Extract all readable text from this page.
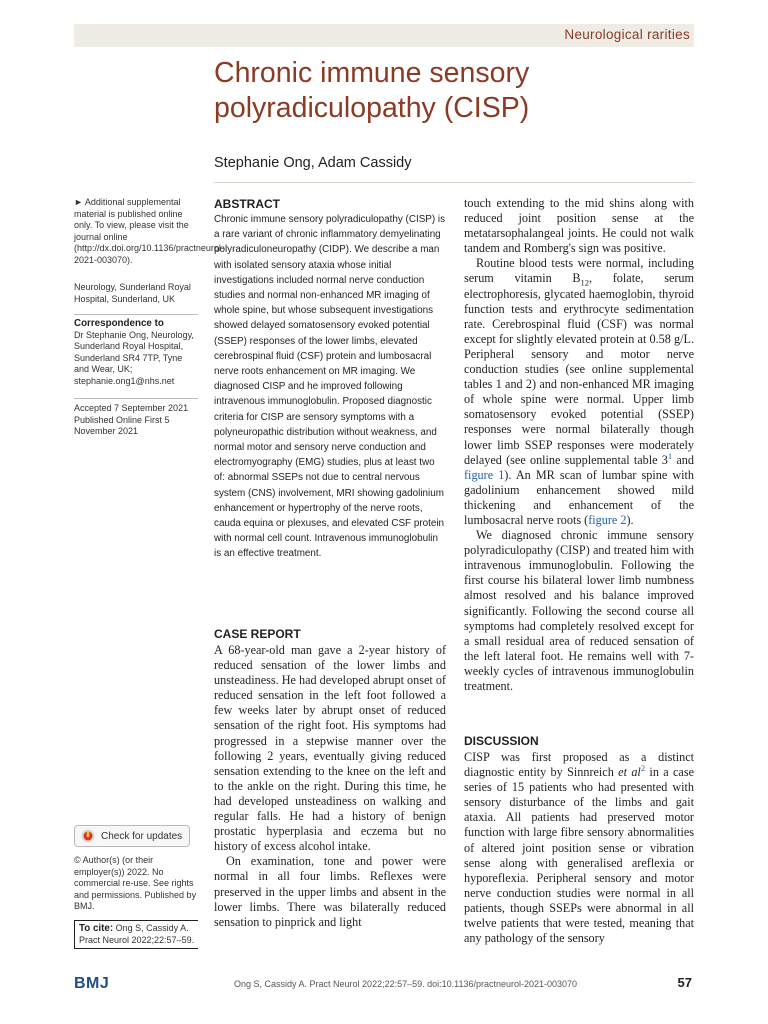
Neurological rarities
Chronic immune sensory polyradiculopathy (CISP)
Stephanie Ong, Adam Cassidy

► Additional supplemental material is published online only. To view, please visit the journal online (http://dx.doi.org/10.1136/practneurol-2021-003070).

Neurology, Sunderland Royal Hospital, Sunderland, UK

Correspondence to
Dr Stephanie Ong, Neurology, Sunderland Royal Hospital, Sunderland SR4 7TP, Tyne and Wear, UK; stephanie.ong1@nhs.net
Accepted 7 September 2021
Published Online First 5 November 2021
Check for updates

© Author(s) (or their employer(s)) 2022. No commercial re-use. See rights and permissions. Published by BMJ.

To cite: Ong S, Cassidy A. Pract Neurol 2022;22:57–59.
ABSTRACT

Chronic immune sensory polyradiculopathy (CISP) is a rare variant of chronic inflammatory demyelinating polyradiculoneuropathy (CIDP). We describe a man with isolated sensory ataxia whose initial investigations included normal nerve conduction studies and normal non-enhanced MR imaging of whole spine, but whose subsequent investigations showed delayed somatosensory evoked potential (SSEP) responses of the lower limbs, elevated cerebrospinal fluid (CSF) protein and lumbosacral nerve roots enhancement on MR imaging. We diagnosed CISP and he improved following intravenous immunoglobulin. Proposed diagnostic criteria for CISP are sensory symptoms with a polyneuropathic distribution without weakness, and normal motor and sensory nerve conduction and electromyography (EMG) studies, plus at least two of: abnormal SSEPs not due to central nervous system (CNS) involvement, MRI showing gadolinium enhancement or hypertrophy of the nerve roots, cauda equina or plexuses, and elevated CSF protein with normal cell count. Intravenous immunoglobulin is an effective treatment.

CASE REPORT

A 68-year-old man gave a 2-year history of reduced sensation of the lower limbs and unsteadiness. He had developed abrupt onset of reduced sensation in the left foot followed a few weeks later by abrupt onset of reduced sensation of the right foot. His symptoms had progressed in a stepwise manner over the following 2 years, eventually giving reduced sensation extending to the knee on the left and to the ankle on the right. During this time, he had developed unsteadiness on walking and regular falls. He had a history of benign prostatic hyperplasia and eczema but no history of excess alcohol intake.

On examination, tone and power were normal in all four limbs. Reflexes were preserved in the upper limbs and absent in the lower limbs. There was bilaterally reduced sensation to pinprick and light

touch extending to the mid shins along with reduced joint position sense at the metatarsophalangeal joints. He could not walk tandem and Romberg's sign was positive.

Routine blood tests were normal, including serum vitamin $B_{12}$, folate, serum electrophoresis, glycated haemoglobin, thyroid function tests and erythrocyte sedimentation rate. Cerebrospinal fluid (CSF) was normal except for slightly elevated protein at 0.58 g/L. Peripheral sensory and motor nerve conduction studies (see online supplemental tables 1 and 2) and non-enhanced MR imaging of whole spine were normal. Upper limb somatosensory evoked potential (SSEP) responses were normal bilaterally though lower limb SSEP responses were moderately delayed (see online supplemental table 3$^1$ and figure 1). An MR scan of lumbar spine with gadolinium enhancement showed mild thickening and enhancement of the lumbosacral nerve roots (figure 2).

We diagnosed chronic immune sensory polyradiculopathy (CISP) and treated him with intravenous immunoglobulin. Following the first course his bilateral lower limb numbness almost resolved and his balance improved significantly. Following the second course all symptoms had completely resolved except for a small residual area of reduced sensation of the left lateral foot. He remains well with 7-weekly cycles of intravenous immunoglobulin treatment.

DISCUSSION

CISP was first proposed as a distinct diagnostic entity by Sinnreich et al$^2$ in a case series of 15 patients who had presented with sensory disturbance of the limbs and gait ataxia. All patients had preserved motor function with large fibre sensory abnormalities of altered joint position sense or vibration sense along with generalised areflexia or hyporeflexia. Peripheral sensory and motor nerve conduction studies were normal in all patients, though SSEPs were abnormal in all twelve patients that were tested, meaning that any pathology of the sensory

BMJ	Ong S, Cassidy A. Pract Neurol 2022;22:57–59. doi:10.1136/practneurol-2021-003070	57
